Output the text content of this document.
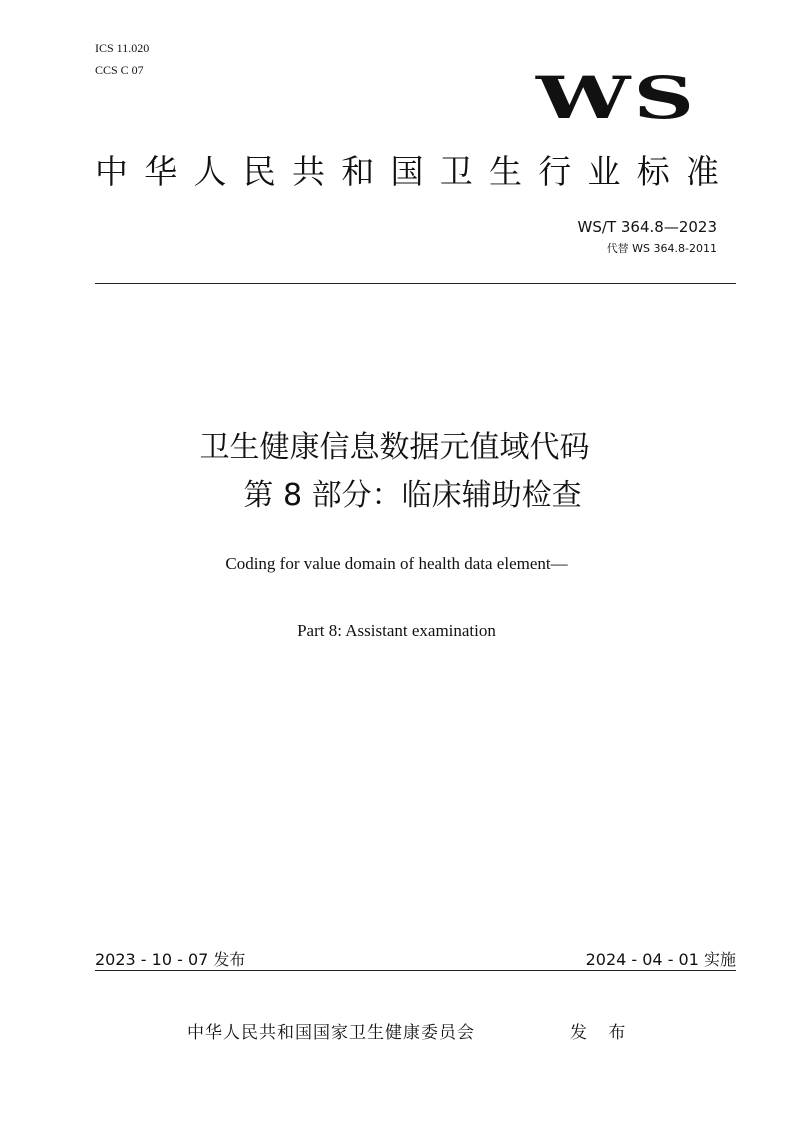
ICS 11.020
CCS C 07	WS
中 华 人 民 共 和 国 卫 生 行 业 标 准
WS/T 364.8—2023
代替 WS 364.8-2011
卫生健康信息数据元值域代码
第 8 部分：临床辅助检查
Coding for value domain of health data element—
Part 8: Assistant examination
2023 - 10 - 07 发布	2024 - 04 - 01 实施
中华人民共和国国家卫生健康委员会	发 布
